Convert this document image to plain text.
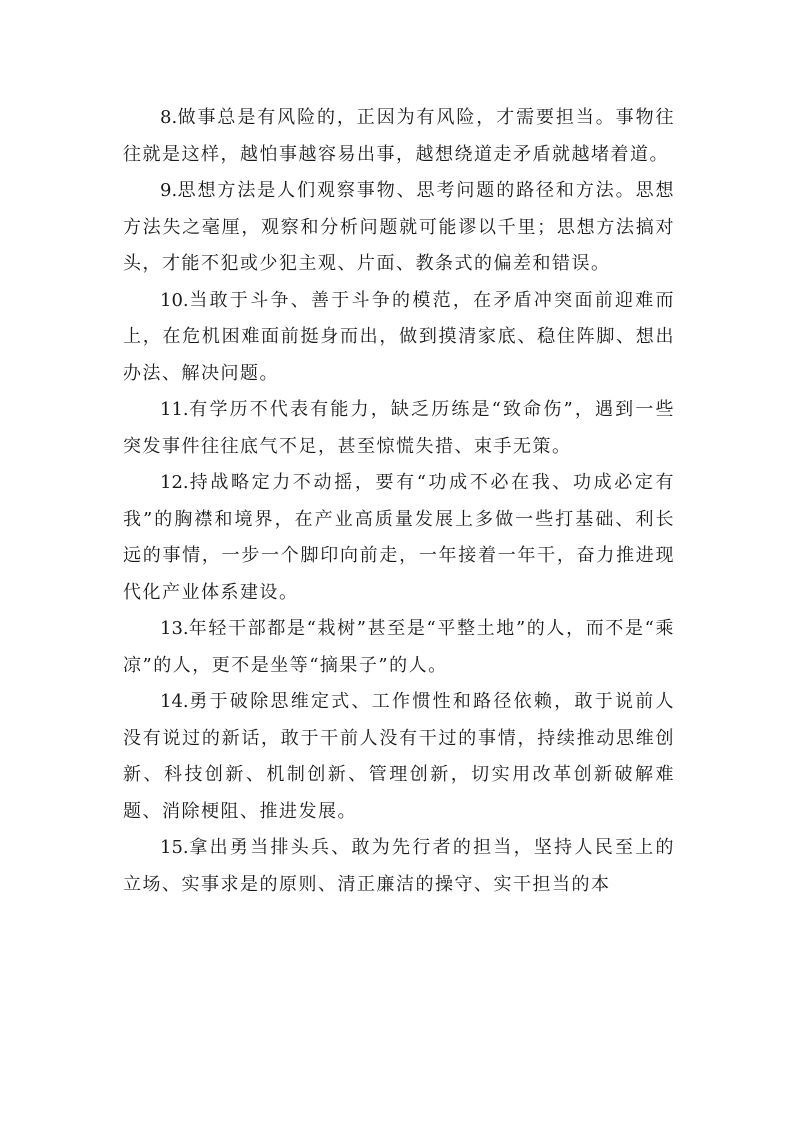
8.做事总是有风险的，正因为有风险，才需要担当。事物往往就是这样，越怕事越容易出事，越想绕道走矛盾就越堵着道。

9.思想方法是人们观察事物、思考问题的路径和方法。思想方法失之毫厘，观察和分析问题就可能谬以千里；思想方法搞对头，才能不犯或少犯主观、片面、教条式的偏差和错误。

10.当敢于斗争、善于斗争的模范，在矛盾冲突面前迎难而上，在危机困难面前挺身而出，做到摸清家底、稳住阵脚、想出办法、解决问题。

11.有学历不代表有能力，缺乏历练是“致命伤”，遇到一些突发事件往往底气不足，甚至惊慌失措、束手无策。

12.持战略定力不动摇，要有“功成不必在我、功成必定有我”的胸襟和境界，在产业高质量发展上多做一些打基础、利长远的事情，一步一个脚印向前走，一年接着一年干，奋力推进现代化产业体系建设。

13.年轻干部都是“栽树”甚至是“平整土地”的人，而不是“乘凉”的人，更不是坐等“摘果子”的人。

14.勇于破除思维定式、工作惯性和路径依赖，敢于说前人没有说过的新话，敢于干前人没有干过的事情，持续推动思维创新、科技创新、机制创新、管理创新，切实用改革创新破解难题、消除梗阻、推进发展。

15.拿出勇当排头兵、敢为先行者的担当，坚持人民至上的立场、实事求是的原则、清正廉洁的操守、实干担当的本
